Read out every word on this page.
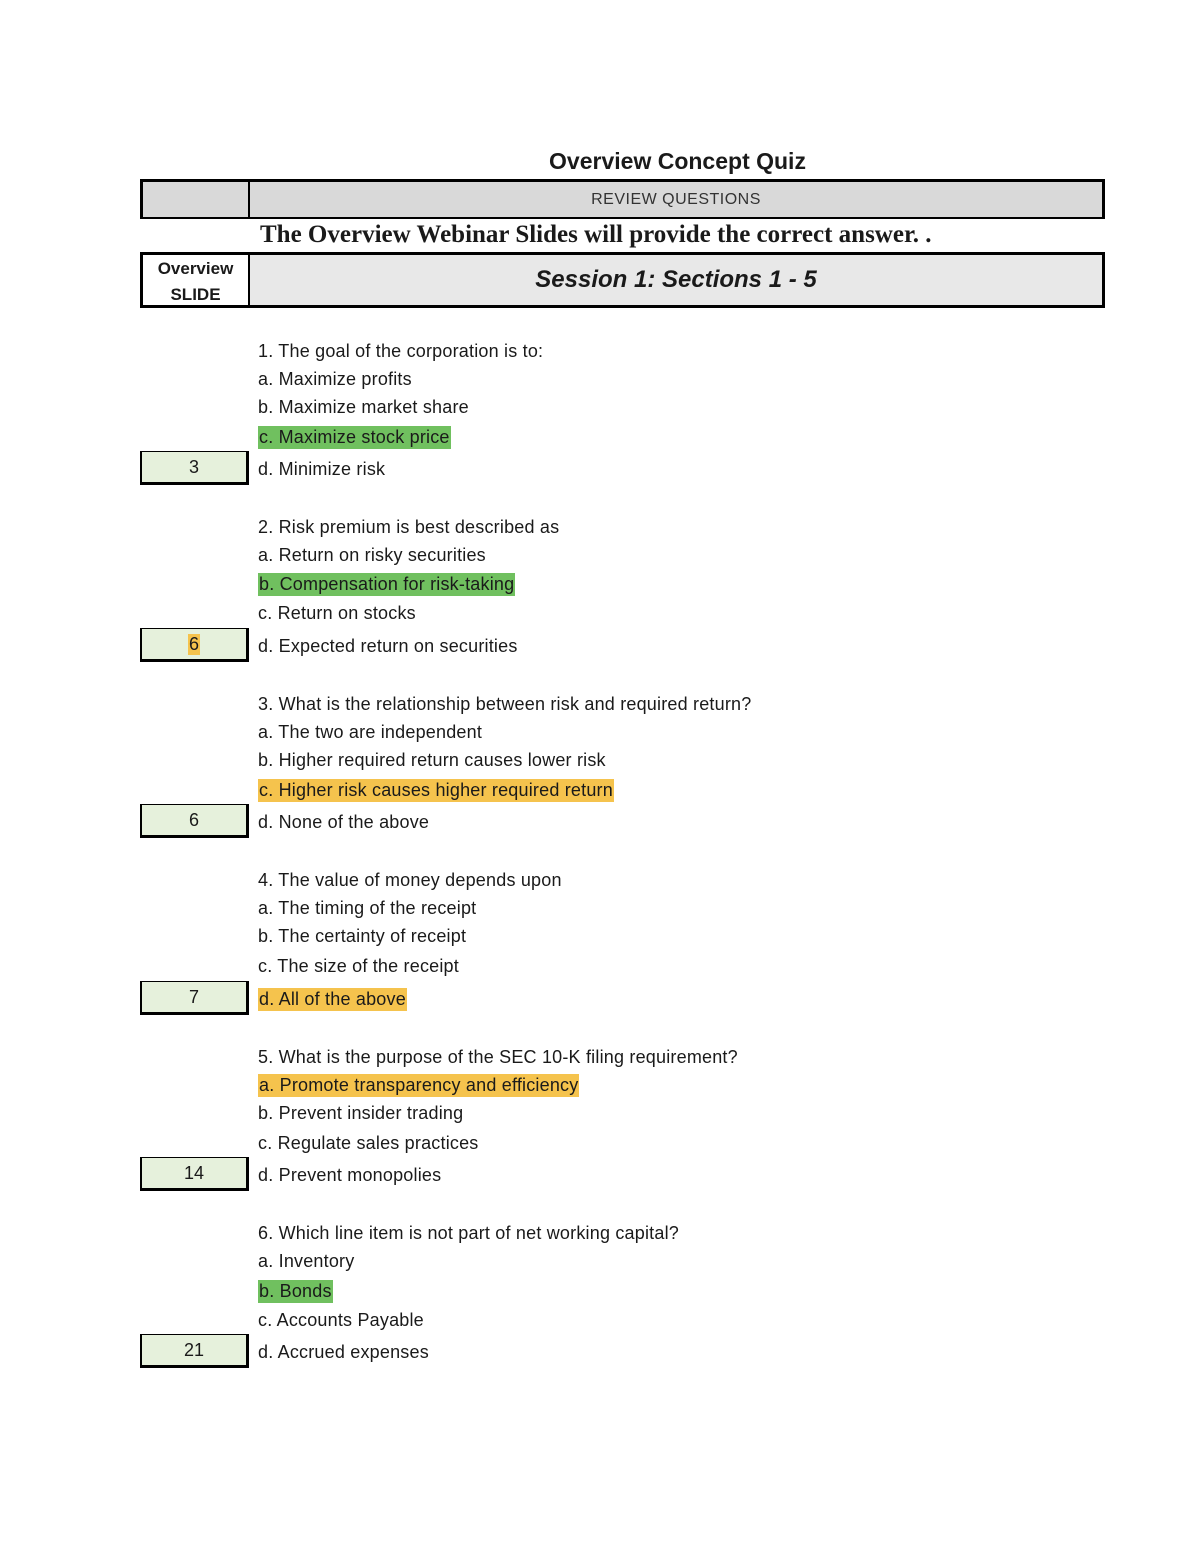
Overview Concept Quiz
REVIEW QUESTIONS
The Overview Webinar Slides will provide the correct answer. .
Overview
SLIDE
Session 1: Sections 1 - 5
1. The goal of the corporation is to:
a. Maximize profits
b. Maximize market share
c. Maximize stock price
d. Minimize risk
3
2. Risk premium is best described as
a. Return on risky securities
b. Compensation for risk-taking
c. Return on stocks
d. Expected return on securities
6
3. What is the relationship between risk and required return?
a. The two are independent
b. Higher required return causes lower risk
c. Higher risk causes higher required return
d. None of the above
6
4. The value of money depends upon
a. The timing of the receipt
b. The certainty of receipt
c. The size of the receipt
d. All of the above
7
5. What is the purpose of the SEC 10-K filing requirement?
a. Promote transparency and efficiency
b. Prevent insider trading
c. Regulate sales practices
d. Prevent monopolies
14
6. Which line item is not part of net working capital?
a. Inventory
b. Bonds
c. Accounts Payable
d. Accrued expenses
21
